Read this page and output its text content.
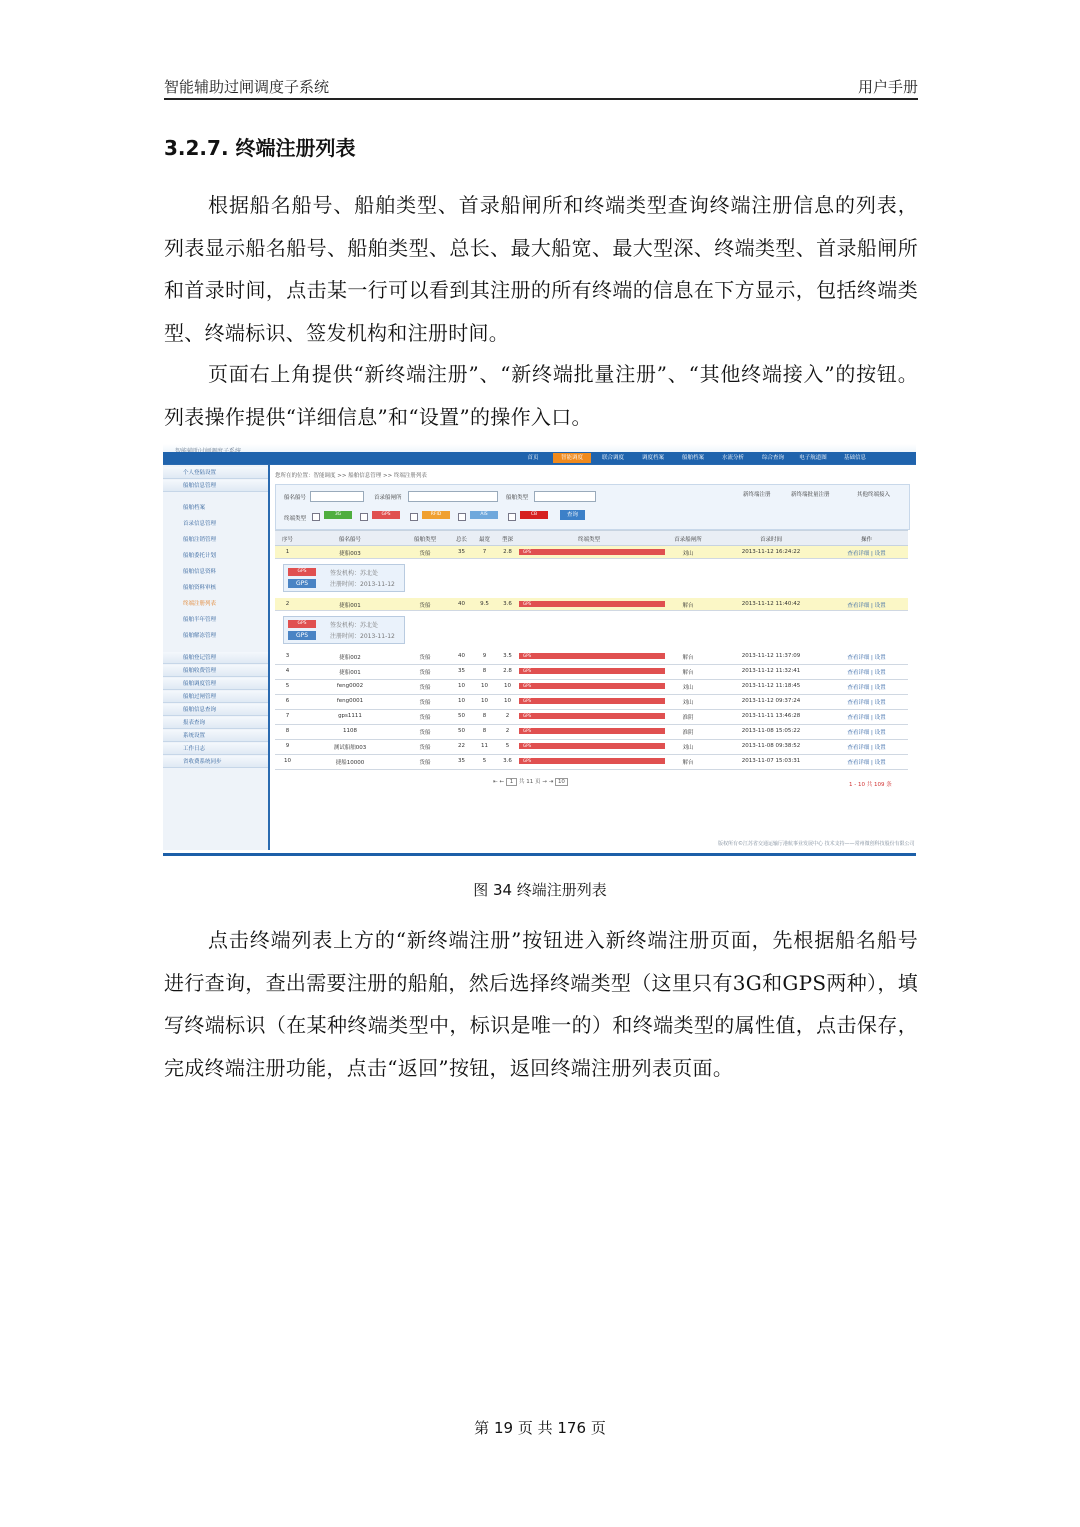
智能辅助过闸调度子系统	用户手册
3.2.7. 终端注册列表
根据船名船号、船舶类型、首录船闸所和终端类型查询终端注册信息的列表，列表显示船名船号、船舶类型、总长、最大船宽、最大型深、终端类型、首录船闸所和首录时间，点击某一行可以看到其注册的所有终端的信息在下方显示，包括终端类型、终端标识、签发机构和注册时间。
页面右上角提供“新终端注册”、“新终端批量注册”、“其他终端接入”的按钮。列表操作提供“详细信息”和“设置”的操作入口。
首页	智能调度	联合调度	调度档案	船舶档案	水流分析	综合查询	电子航道图	基础信息
个人登陆设置
船舶信息管理
船舶档案
首录信息管理
船舶注销管理
船舶委托计划
船舶信息资料
船舶资料审核
终端注册列表
船舶半年管理
船舶解冻管理
船舶登记管理
船舶收费管理
船舶调度管理
船舶过闸管理
船舶信息查询
报表查询
系统设置
工作日志
省收费系统同步
您所在的位置：智能调度 >> 船舶信息管理 >> 终端注册列表
船名船号	首录船闸所	船舶类型
终端类型
3G	GPS	RFID	AIS	CB	查询
新终端注册	新终端批量注册	其他终端接入
序号	船名船号	船舶类型	总长	最宽	型深	终端类型	首录船闸所	首录时间	操作
GPS
GPS
签发机构：苏北处
注册时间：2013-11-12
GPS
GPS
签发机构：苏北处
注册时间：2013-11-12
⇤ ← 1 共 11 页 → ⇥ 10	1 - 10 共 109 条
版权所有©江苏省交通运输厅港航事业发展中心 技术支持——常州微创科技股份有限公司
1	捷船003	货船	35	7	2.8	GPS	刘山	2013-11-12 16:24:22	查看详细 | 设置
2	捷船001	货船	40	9.5	3.6	GPS	解台	2013-11-12 11:40:42	查看详细 | 设置
3	捷船002	货船	40	9	3.5	GPS	解台	2013-11-12 11:37:09	查看详细 | 设置
4	捷船001	货船	35	8	2.8	GPS	解台	2013-11-12 11:32:41	查看详细 | 设置
5	feng0002	货船	10	10	10	GPS	刘山	2013-11-12 11:18:45	查看详细 | 设置
6	feng0001	货船	10	10	10	GPS	刘山	2013-11-12 09:37:24	查看详细 | 设置
7	gps1111	货船	50	8	2	GPS	淮阴	2013-11-11 13:46:28	查看详细 | 设置
8	1108	货船	50	8	2	GPS	淮阴	2013-11-08 15:05:22	查看详细 | 设置
9	测试船舶003	货船	22	11	5	GPS	刘山	2013-11-08 09:38:52	查看详细 | 设置
10	捷船10000	货船	35	5	3.6	GPS	解台	2013-11-07 15:03:31	查看详细 | 设置
图 34 终端注册列表
点击终端列表上方的“新终端注册”按钮进入新终端注册页面，先根据船名船号进行查询，查出需要注册的船舶，然后选择终端类型（这里只有3G和GPS两种），填写终端标识（在某种终端类型中，标识是唯一的）和终端类型的属性值，点击保存，完成终端注册功能，点击“返回”按钮，返回终端注册列表页面。
第 19 页 共 176 页
